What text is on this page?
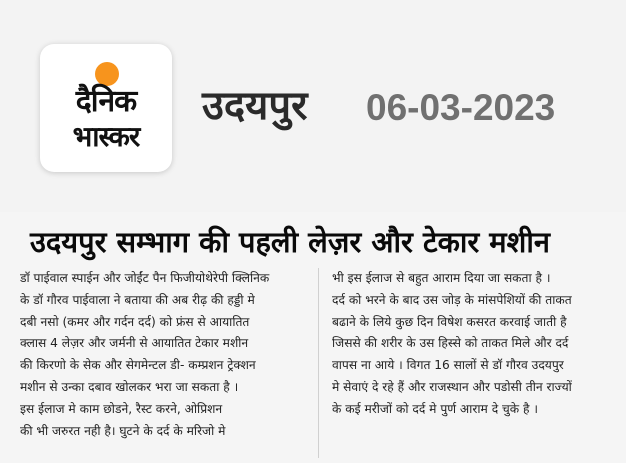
दैनिक
भास्कर
उदयपुर 06-03-2023
उदयपुर सम्भाग की पहली लेज़र और टेकार मशीन
डॉ पाईवाल स्पाईन और जोईंट पैन फिजीयोथेरेपी क्लिनिक
के डॉ गौरव पाईवाला ने बताया की अब रीढ़ की हड्डी मे
दबी नसो (कमर और गर्दन दर्द) को फ्रंस से आयातित
क्लास 4 लेज़र और जर्मनी से आयातित टेकार मशीन
की किरणो के सेक और सेगमेन्टल डी- कम्प्रशन ट्रेक्शन
मशीन से उन्का दबाव खोलकर भरा जा सकता है ।
इस ईलाज मे काम छोडने, रैस्ट करने, ओप्रिशन
की भी जरुरत नही है। घुटने के दर्द के मरिजो मे
भी इस ईलाज से बहुत आराम दिया जा सकता है ।
दर्द को भरने के बाद उस जोड़ के मांसपेशियों की ताकत
बढाने के लिये कुछ दिन विषेश कसरत करवाई जाती है
जिससे की शरीर के उस हिस्से को ताकत मिले और दर्द
वापस ना आये । विगत 16 सालों से डॉ गौरव उदयपुर
मे सेवाएं दे रहे हैं और राजस्थान और पडोसी तीन राज्यों
के कई मरीजों को दर्द मे पुर्ण आराम दे चुके है ।
